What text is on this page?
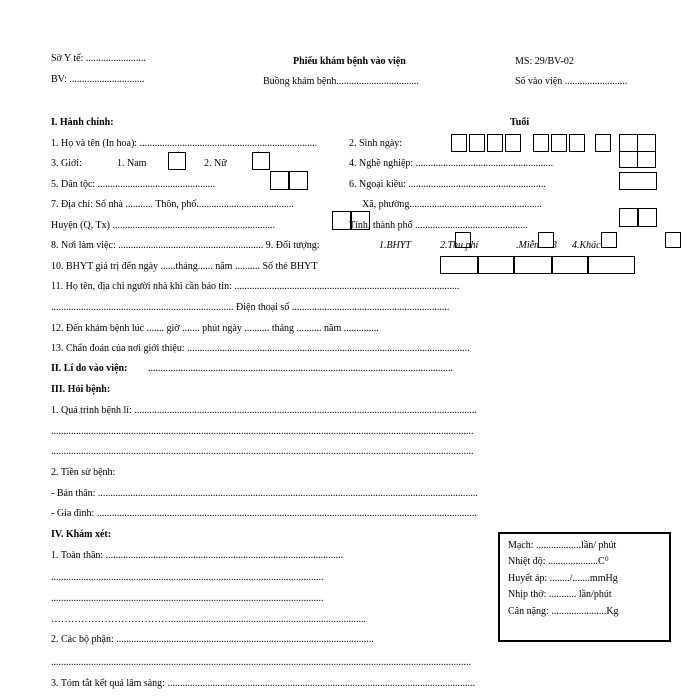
Sở Y tế: ........................
BV: ..............................
Phiếu khám bệnh vào viện
Buồng khám bệnh.................................
MS: 29/BV-02
Số vào viện .........................
I. Hành chính:	Tuổi
1. Họ và tên (In hoa): .......................................................................	2. Sinh ngày:
3. Giới:	1. Nam	2. Nữ	4. Nghề nghiệp: .......................................................
5. Dân tộc: ...............................................	6. Ngoại kiều: .......................................................
7. Địa chỉ: Số nhà ........... Thôn, phố.......................................	Xã, phường.....................................................
Huyện (Q, Tx) .................................................................	Tỉnh, thành phố .............................................
8. Nơi làm việc: .......................................................... 9. Đối tượng:	1.BHYT	2.Thu phí	.Miễn 3 4.Khác
10. BHYT giá trị đến ngày ......tháng...... năm .......... Số thẻ BHYT
11. Họ tên, địa chỉ người nhà khi cần báo tin: ..........................................................................................
......................................................................... Điện thoại số ...............................................................
12. Đến khám bệnh lúc ....... giờ ....... phút ngày .......... tháng .......... năm ..............
13. Chẩn đoán của nơi giới thiệu: .................................................................................................................
II. Lí do vào viện: ..........................................................................................................................
III. Hỏi bệnh:
1. Quá trình bệnh lí: .........................................................................................................................................
.........................................................................................................................................................................
.........................................................................................................................................................................
2. Tiền sử bệnh:
- Bản thân: ........................................................................................................................................................
- Gia đình: ........................................................................................................................................................
IV. Khám xét:
1. Toàn thân: ...............................................................................................
.............................................................................................................
.............................................................................................................
………………………………..............................................................................
2. Các bộ phận: .......................................................................................................
........................................................................................................................................................................
3. Tóm tắt kết quả lâm sàng: ...........................................................................................................................
Mạch: ..................lần/ phút
Nhiệt độ: ....................C⁰
Huyết áp: ......../.......mmHg
Nhịp thở: ........... lần/phút
Cân nặng: ......................Kg
